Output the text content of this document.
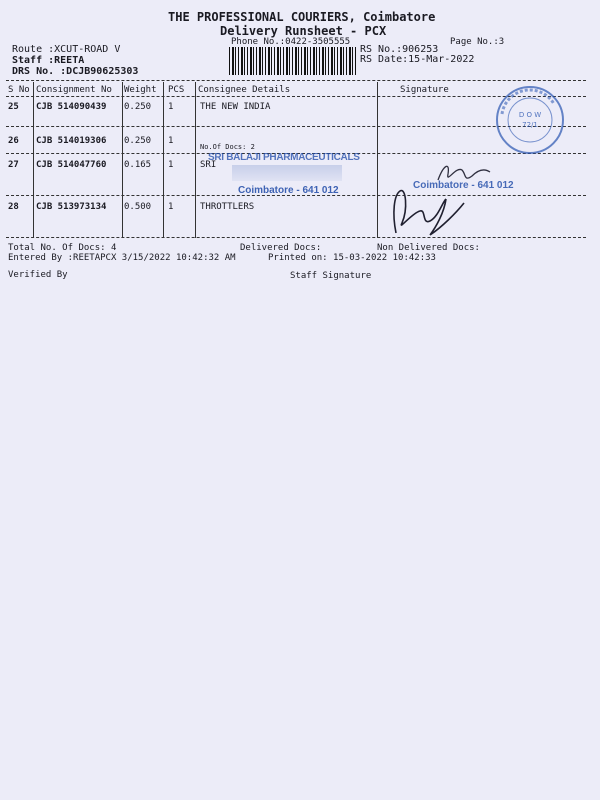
THE PROFESSIONAL COURIERS, Coimbatore
Delivery Runsheet - PCX
Phone No.:0422-3505555	Page No.:3
Route :XCUT-ROAD V
Staff :REETA
DRS No. :DCJB90625303
RS No.:906253
RS Date:15-Mar-2022
S No Consignment No Weight PCS Consignee Details	Signature
25 CJB 514090439 0.250 1	THE NEW INDIA
26 CJB 514019306 0.250 1
No.Of Docs: 2
27 CJB 514047760 0.165 1	SRI
28 CJB 513973134 0.500 1	THROTTLERS
SRI BALAJI PHARMACEUTICALS
Coimbatore - 641 012	Coimbatore - 641 012
D O W
72/1
Total No. Of Docs: 4	Delivered Docs:	Non Delivered Docs:
Entered By :REETAPCX 3/15/2022 10:42:32 AM	Printed on: 15-03-2022 10:42:33
Verified By	Staff Signature
